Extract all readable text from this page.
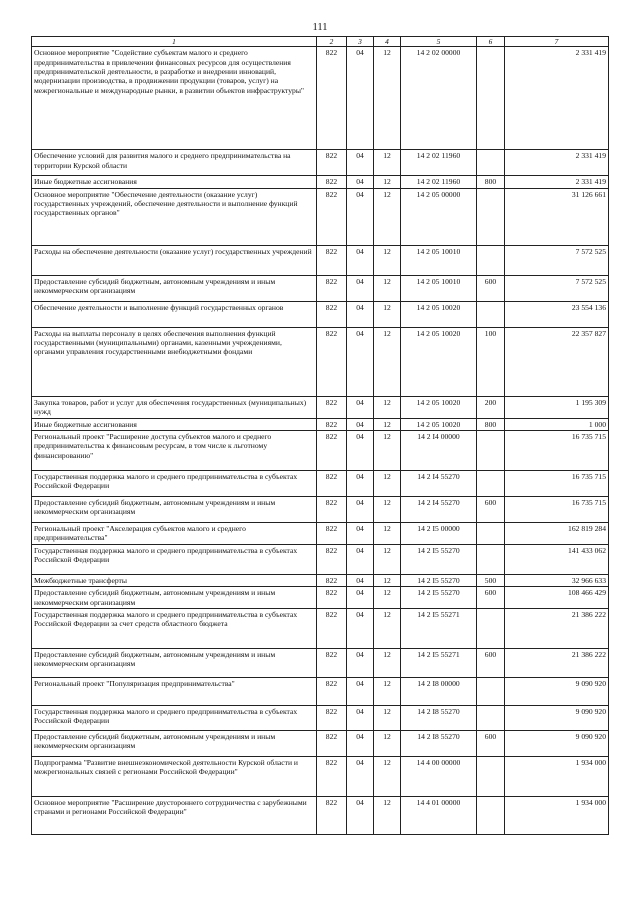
111
1	2	3	4	5	6	7
Основное мероприятие "Содействие субъектам малого и среднего предпринимательства в привлечении финансовых ресурсов для осуществления предпринимательской деятельности, в разработке и внедрении инноваций, модернизации производства, в продвижении продукции (товаров, услуг) на межрегиональные и международные рынки, в развитии объектов инфраструктуры"	822	04	12	14 2 02 00000		2 331 419
Обеспечение условий для развития малого и среднего предпринимательства на территории Курской области	822	04	12	14 2 02 11960		2 331 419
Иные бюджетные ассигнования	822	04	12	14 2 02 11960	800	2 331 419
Основное мероприятие "Обеспечение деятельности (оказание услуг) государственных учреждений, обеспечение деятельности и выполнение функций государственных органов"	822	04	12	14 2 05 00000		31 126 661
Расходы на обеспечение деятельности (оказание услуг) государственных учреждений	822	04	12	14 2 05 10010		7 572 525
Предоставление субсидий бюджетным, автономным учреждениям и иным некоммерческим организациям	822	04	12	14 2 05 10010	600	7 572 525
Обеспечение деятельности и выполнение функций государственных органов	822	04	12	14 2 05 10020		23 554 136
Расходы на выплаты персоналу в целях обеспечения выполнения функций государственными (муниципальными) органами, казенными учреждениями, органами управления государственными внебюджетными фондами	822	04	12	14 2 05 10020	100	22 357 827
Закупка товаров, работ и услуг для обеспечения государственных (муниципальных) нужд	822	04	12	14 2 05 10020	200	1 195 309
Иные бюджетные ассигнования	822	04	12	14 2 05 10020	800	1 000
Региональный проект "Расширение доступа субъектов малого и среднего предпринимательства к финансовым ресурсам, в том числе к льготному финансированию"	822	04	12	14 2 I4 00000		16 735 715
Государственная поддержка малого и среднего предпринимательства в субъектах Российской Федерации	822	04	12	14 2 I4 55270		16 735 715
Предоставление субсидий бюджетным, автономным учреждениям и иным некоммерческим организациям	822	04	12	14 2 I4 55270	600	16 735 715
Региональный проект "Акселерация субъектов малого и среднего предпринимательства"	822	04	12	14 2 I5 00000		162 819 284
Государственная поддержка малого и среднего предпринимательства в субъектах Российской Федерации	822	04	12	14 2 I5 55270		141 433 062
Межбюджетные трансферты	822	04	12	14 2 I5 55270	500	32 966 633
Предоставление субсидий бюджетным, автономным учреждениям и иным некоммерческим организациям	822	04	12	14 2 I5 55270	600	108 466 429
Государственная поддержка малого и среднего предпринимательства в субъектах Российской Федерации за счет средств областного бюджета	822	04	12	14 2 I5 55271		21 386 222
Предоставление субсидий бюджетным, автономным учреждениям и иным некоммерческим организациям	822	04	12	14 2 I5 55271	600	21 386 222
Региональный проект "Популяризация предпринимательства"	822	04	12	14 2 I8 00000		9 090 920
Государственная поддержка малого и среднего предпринимательства в субъектах Российской Федерации	822	04	12	14 2 I8 55270		9 090 920
Предоставление субсидий бюджетным, автономным учреждениям и иным некоммерческим организациям	822	04	12	14 2 I8 55270	600	9 090 920
Подпрограмма "Развитие внешнеэкономической деятельности Курской области и межрегиональных связей с регионами Российской Федерации"	822	04	12	14 4 00 00000		1 934 000
Основное мероприятие "Расширение двустороннего сотрудничества с зарубежными странами и регионами Российской Федерации"	822	04	12	14 4 01 00000		1 934 000
